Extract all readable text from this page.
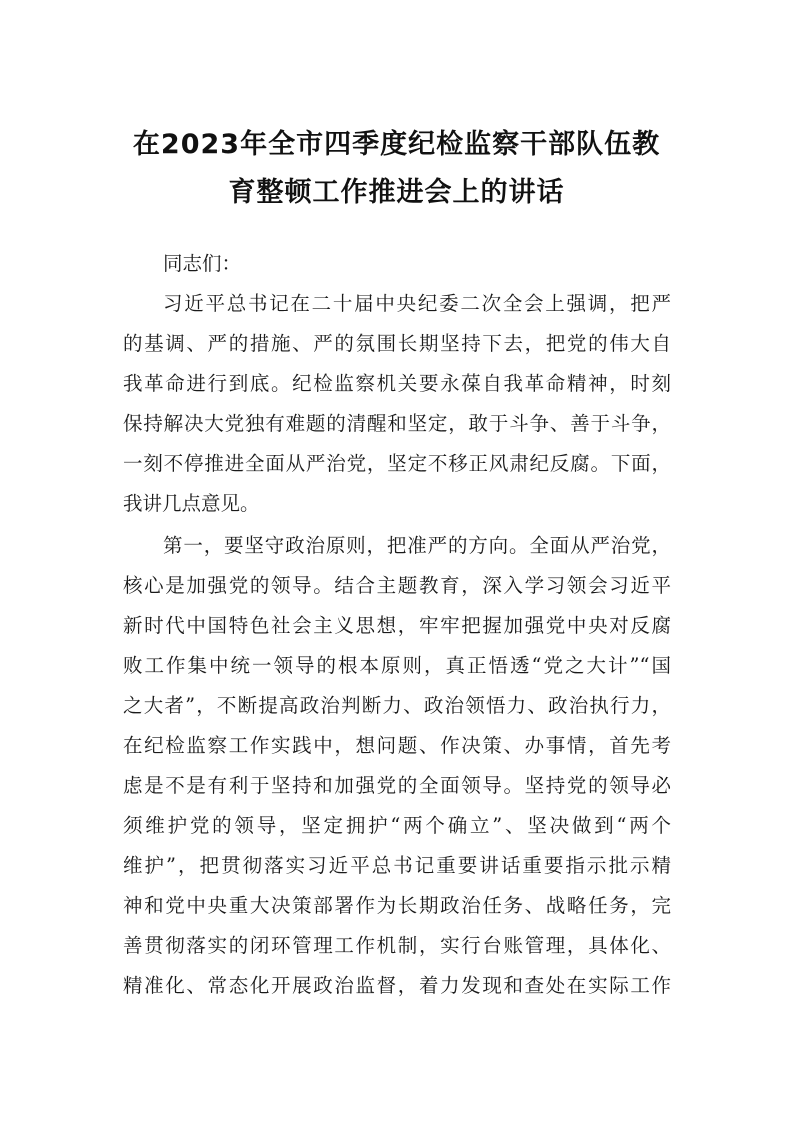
在2023年全市四季度纪检监察干部队伍教
育整顿工作推进会上的讲话
同志们：
习近平总书记在二十届中央纪委二次全会上强调，把严
的基调、严的措施、严的氛围长期坚持下去，把党的伟大自
我革命进行到底。纪检监察机关要永葆自我革命精神，时刻
保持解决大党独有难题的清醒和坚定，敢于斗争、善于斗争，
一刻不停推进全面从严治党，坚定不移正风肃纪反腐。下面，
我讲几点意见。
第一，要坚守政治原则，把准严的方向。全面从严治党，
核心是加强党的领导。结合主题教育，深入学习领会习近平
新时代中国特色社会主义思想，牢牢把握加强党中央对反腐
败工作集中统一领导的根本原则，真正悟透“党之大计”“国
之大者”，不断提高政治判断力、政治领悟力、政治执行力，
在纪检监察工作实践中，想问题、作决策、办事情，首先考
虑是不是有利于坚持和加强党的全面领导。坚持党的领导必
须维护党的领导，坚定拥护“两个确立”、坚决做到“两个
维护”，把贯彻落实习近平总书记重要讲话重要指示批示精
神和党中央重大决策部署作为长期政治任务、战略任务，完
善贯彻落实的闭环管理工作机制，实行台账管理，具体化、
精准化、常态化开展政治监督，着力发现和查处在实际工作
